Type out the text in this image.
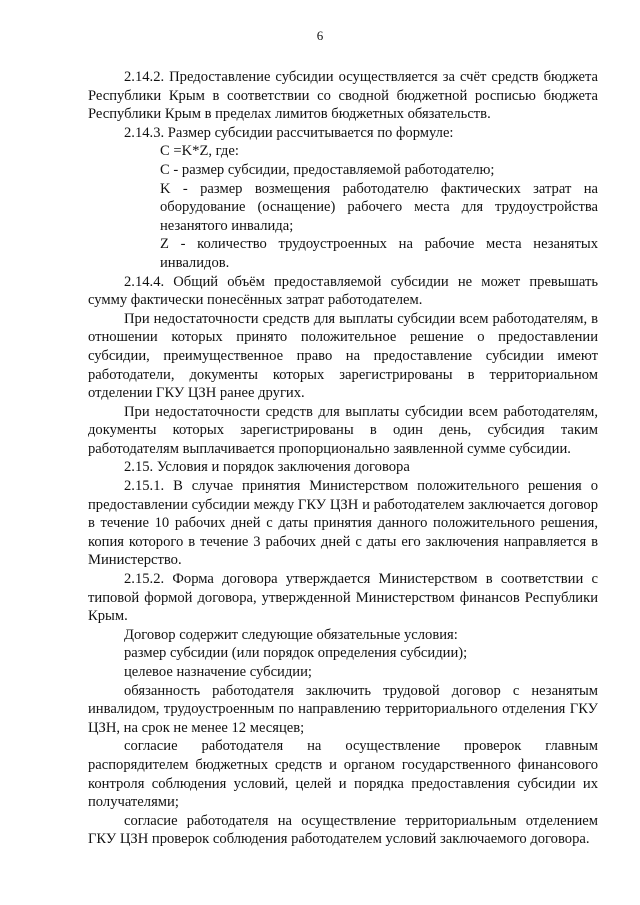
6

2.14.2. Предоставление субсидии осуществляется за счёт средств бюджета Республики Крым в соответствии со сводной бюджетной росписью бюджета Республики Крым в пределах лимитов бюджетных обязательств.

2.14.3. Размер субсидии рассчитывается по формуле:

С =K*Z, где:

С - размер субсидии, предоставляемой работодателю;

K - размер возмещения работодателю фактических затрат на оборудование (оснащение) рабочего места для трудоустройства незанятого инвалида;

Z - количество трудоустроенных на рабочие места незанятых инвалидов.

2.14.4. Общий объём предоставляемой субсидии не может превышать сумму фактически понесённых затрат работодателем.

При недостаточности средств для выплаты субсидии всем работодателям, в отношении которых принято положительное решение о предоставлении субсидии, преимущественное право на предоставление субсидии имеют работодатели, документы которых зарегистрированы в территориальном отделении ГКУ ЦЗН ранее других.

При недостаточности средств для выплаты субсидии всем работодателям, документы которых зарегистрированы в один день, субсидия таким работодателям выплачивается пропорционально заявленной сумме субсидии.

2.15. Условия и порядок заключения договора

2.15.1. В случае принятия Министерством положительного решения о предоставлении субсидии между ГКУ ЦЗН и работодателем заключается договор в течение 10 рабочих дней с даты принятия данного положительного решения, копия которого в течение 3 рабочих дней с даты его заключения направляется в Министерство.

2.15.2. Форма договора утверждается Министерством в соответствии с типовой формой договора, утвержденной Министерством финансов Республики Крым.

Договор содержит следующие обязательные условия:

размер субсидии (или порядок определения субсидии);

целевое назначение субсидии;

обязанность работодателя заключить трудовой договор с незанятым инвалидом, трудоустроенным по направлению территориального отделения ГКУ ЦЗН, на срок не менее 12 месяцев;

согласие работодателя на осуществление проверок главным распорядителем бюджетных средств и органом государственного финансового контроля соблюдения условий, целей и порядка предоставления субсидии их получателями;

согласие работодателя на осуществление территориальным отделением ГКУ ЦЗН проверок соблюдения работодателем условий заключаемого договора.
